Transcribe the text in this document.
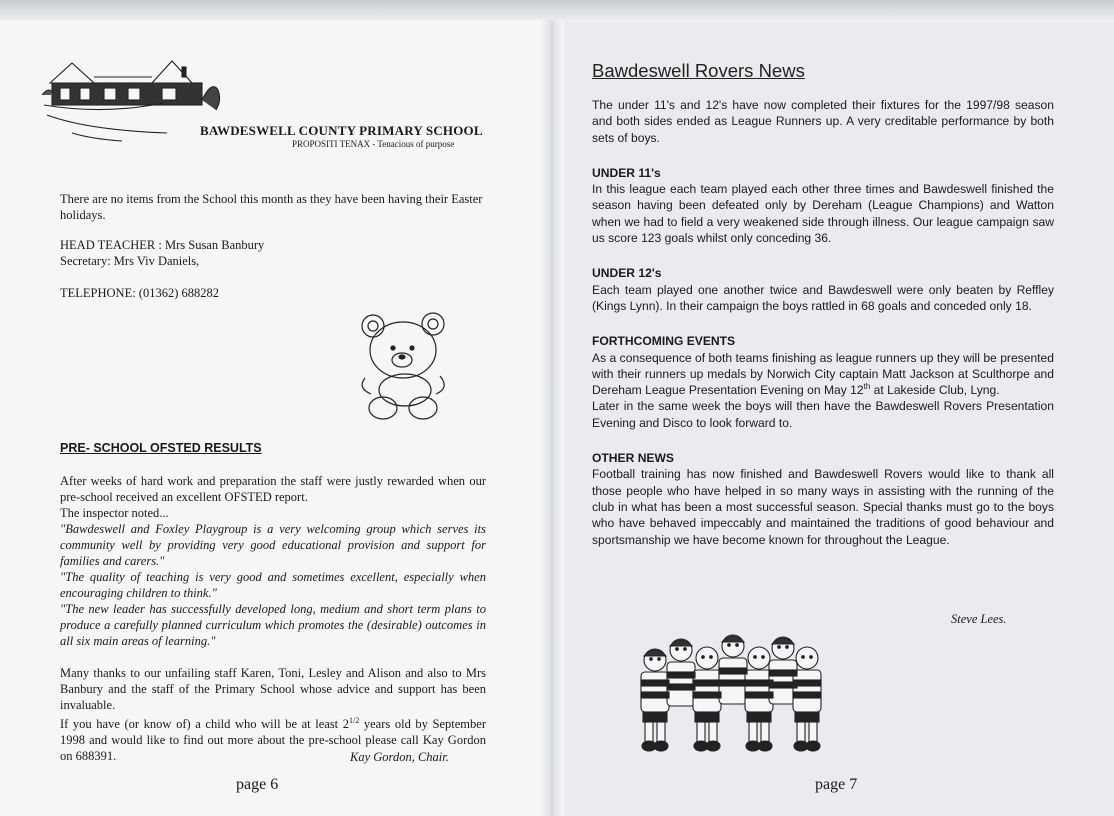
BAWDESWELL COUNTY PRIMARY SCHOOL
PROPOSITI TENAX - Tenacious of purpose
There are no items from the School this month as they have been having their Easter holidays.
HEAD TEACHER : Mrs Susan Banbury
Secretary: Mrs Viv Daniels,
TELEPHONE: (01362) 688282
PRE- SCHOOL OFSTED RESULTS

After weeks of hard work and preparation the staff were justly rewarded when our pre-school received an excellent OFSTED report.

The inspector noted...

"Bawdeswell and Foxley Playgroup is a very welcoming group which serves its community well by providing very good educational provision and support for families and carers."

"The quality of teaching is very good and sometimes excellent, especially when encouraging children to think."

"The new leader has successfully developed long, medium and short term plans to produce a carefully planned curriculum which promotes the (desirable) outcomes in all six main areas of learning."

Many thanks to our unfailing staff Karen, Toni, Lesley and Alison and also to Mrs Banbury and the staff of the Primary School whose advice and support has been invaluable.

If you have (or know of) a child who will be at least $2^{1/2}$ years old by September 1998 and would like to find out more about the pre-school please call Kay Gordon on 688391.	Kay Gordon, Chair.
page 6
Bawdeswell Rovers News

The under 11's and 12's have now completed their fixtures for the 1997/98 season and both sides ended as League Runners up. A very creditable performance by both sets of boys.

UNDER 11's

In this league each team played each other three times and Bawdeswell finished the season having been defeated only by Dereham (League Champions) and Watton when we had to field a very weakened side through illness. Our league campaign saw us score 123 goals whilst only conceding 36.

UNDER 12's

Each team played one another twice and Bawdeswell were only beaten by Reffley (Kings Lynn). In their campaign the boys rattled in 68 goals and conceded only 18.

FORTHCOMING EVENTS

As a consequence of both teams finishing as league runners up they will be presented with their runners up medals by Norwich City captain Matt Jackson at Sculthorpe and Dereham League Presentation Evening on May 12th at Lakeside Club, Lyng.

Later in the same week the boys will then have the Bawdeswell Rovers Presentation Evening and Disco to look forward to.

OTHER NEWS

Football training has now finished and Bawdeswell Rovers would like to thank all those people who have helped in so many ways in assisting with the running of the club in what has been a most successful season. Special thanks must go to the boys who have behaved impeccably and maintained the traditions of good behaviour and sportsmanship we have become known for throughout the League.

Steve Lees.
page 7
